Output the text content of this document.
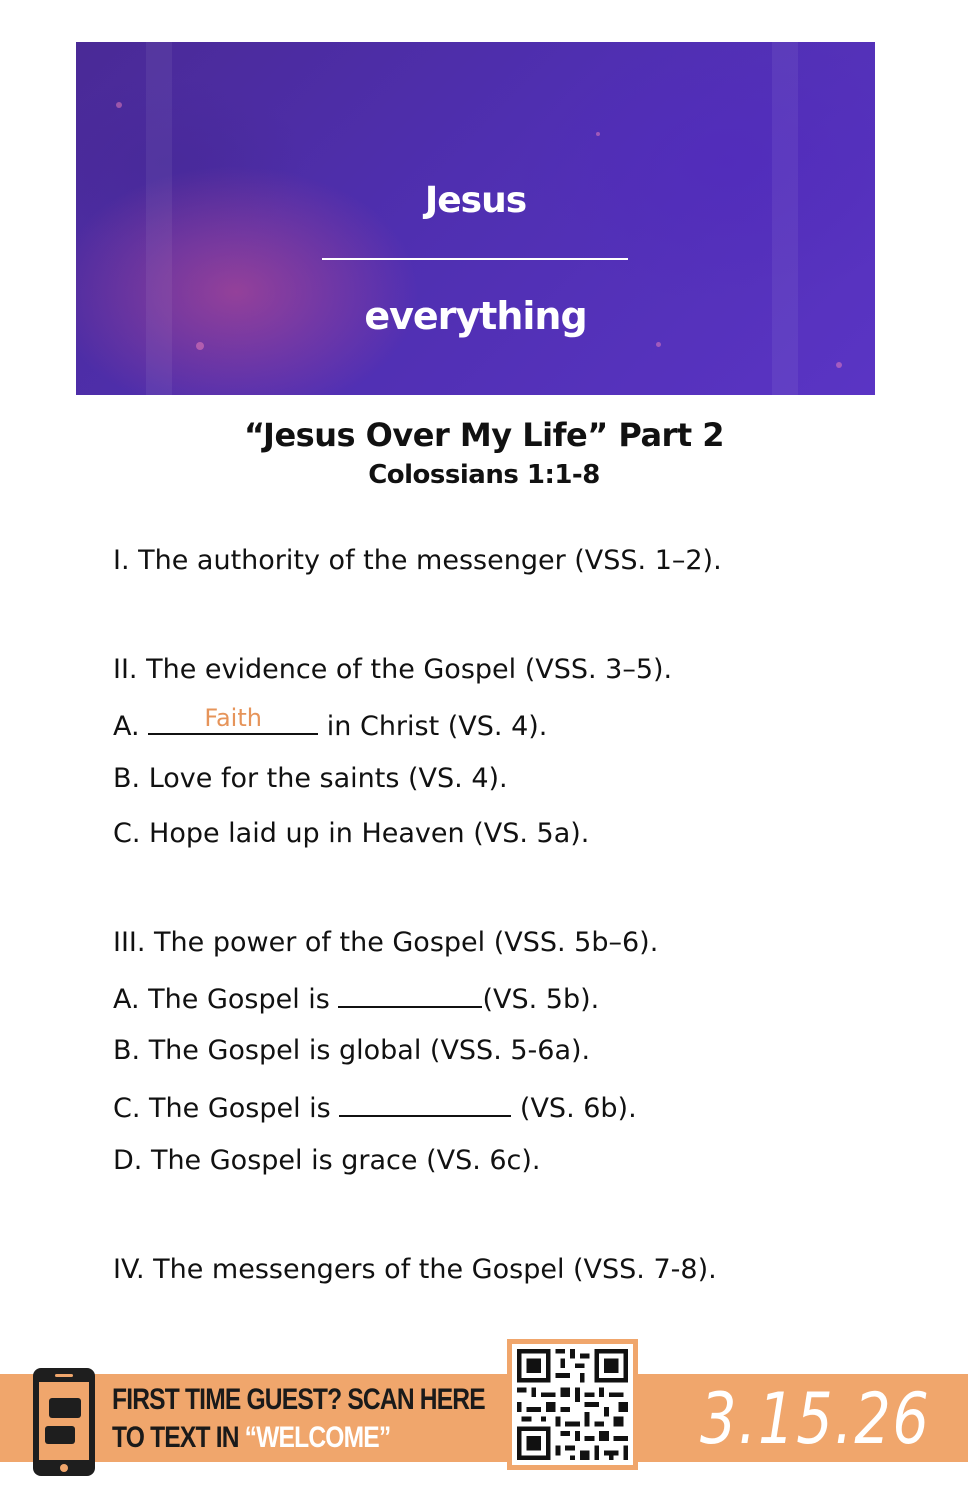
Jesus
everything
“Jesus Over My Life” Part 2
Colossians 1:1-8
I. The authority of the messenger (VSS. 1–2).
II. The evidence of the Gospel (VSS. 3–5).
A.	Faith	in Christ (VS. 4).
B. Love for the saints (VS. 4).
C. Hope laid up in Heaven (VS. 5a).
III. The power of the Gospel (VSS. 5b–6).
A. The Gospel is	(VS. 5b).
B. The Gospel is global (VSS. 5-6a).
C. The Gospel is	(VS. 6b).
D. The Gospel is grace (VS. 6c).
IV. The messengers of the Gospel (VSS. 7-8).
FIRST TIME GUEST? SCAN HERE
TO TEXT IN “WELCOME”	3.15.26
